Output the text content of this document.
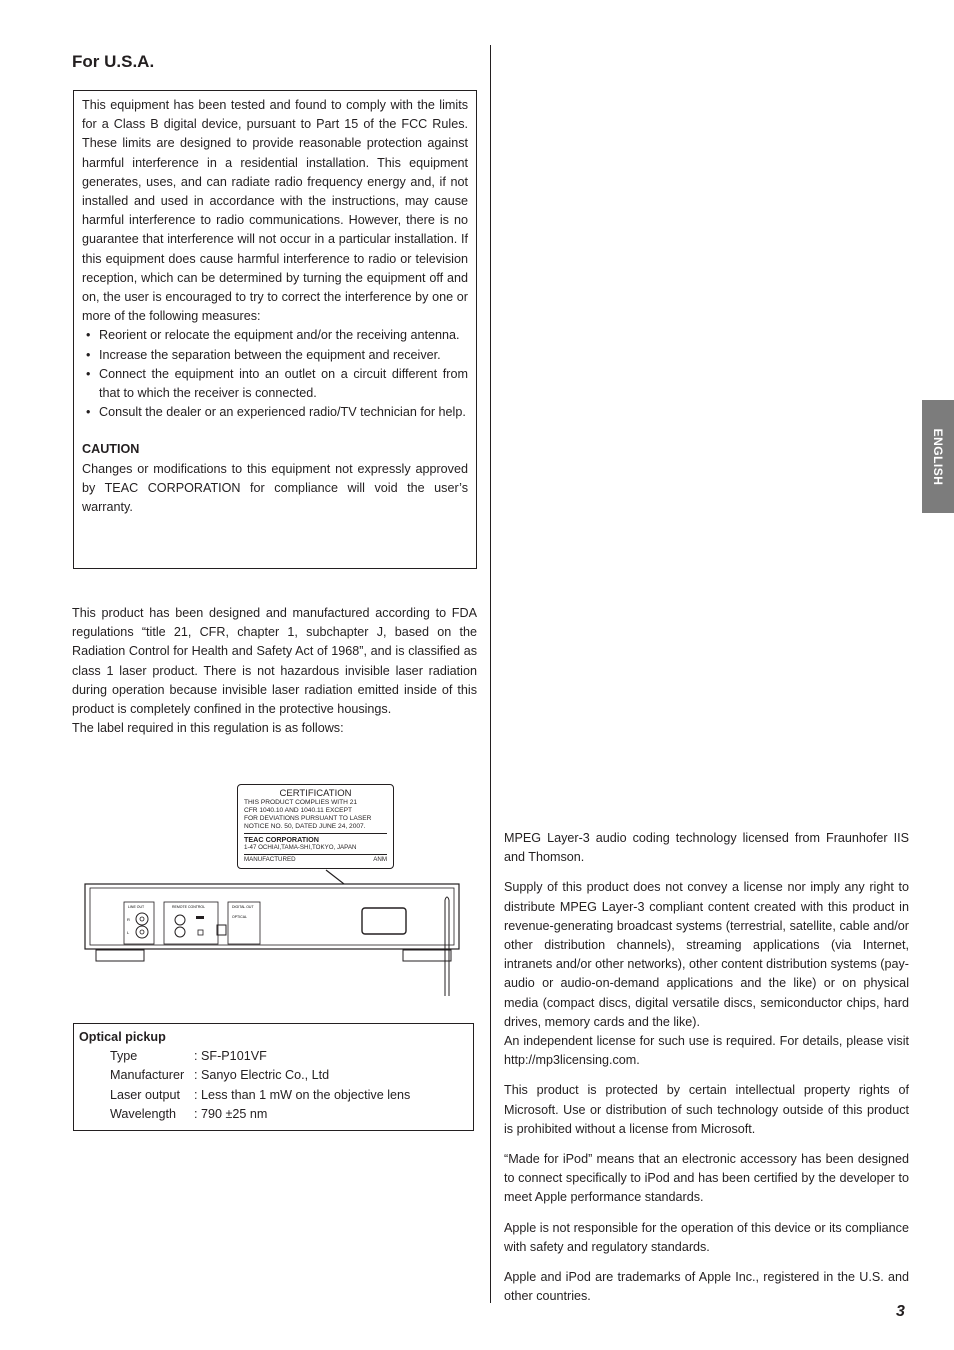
For U.S.A.

This equipment has been tested and found to comply with the limits for a Class B digital device, pursuant to Part 15 of the FCC Rules. These limits are designed to provide reasonable protection against harmful interference in a residential installation. This equipment generates, uses, and can radiate radio frequency energy and, if not installed and used in accordance with the instructions, may cause harmful interference to radio communications. However, there is no guarantee that interference will not occur in a particular installation. If this equipment does cause harmful interference to radio or television reception, which can be determined by turning the equipment off and on, the user is encouraged to try to correct the interference by one or more of the following measures:

• Reorient or relocate the equipment and/or the receiving antenna.
• Increase the separation between the equipment and receiver.
• Connect the equipment into an outlet on a circuit different from that to which the receiver is connected.
• Consult the dealer or an experienced radio/TV technician for help.

CAUTION

Changes or modifications to this equipment not expressly approved by TEAC CORPORATION for compliance will void the user’s warranty.

This product has been designed and manufactured according to FDA regulations “title 21, CFR, chapter 1, subchapter J, based on the Radiation Control for Health and Safety Act of 1968”, and is classified as class 1 laser product. There is not hazardous invisible laser radiation during operation because invisible laser radiation emitted inside of this product is completely confined in the protective housings.

The label required in this regulation is as follows:

CERTIFICATION
THIS PRODUCT COMPLIES WITH 21
CFR 1040.10 AND 1040.11 EXCEPT
FOR DEVIATIONS PURSUANT TO LASER
NOTICE NO. 50, DATED JUNE 24, 2007.
TEAC CORPORATION
1-47 OCHIAI,TAMA-SHI,TOKYO, JAPAN
MANUFACTURED	ANM
LINE OUT
R
L
REMOTE CONTROL	DIGITAL OUT
OPTICAL
Optical pickup
Type	: SF-P101VF
Manufacturer : Sanyo Electric Co., Ltd
Laser output	: Less than 1 mW on the objective lens
Wavelength	: 790 ±25 nm

MPEG Layer-3 audio coding technology licensed from Fraunhofer IIS and Thomson.

Supply of this product does not convey a license nor imply any right to distribute MPEG Layer-3 compliant content created with this product in revenue-generating broadcast systems (terrestrial, satellite, cable and/or other distribution channels), streaming applications (via Internet, intranets and/or other networks), other content distribution systems (pay-audio or audio-on-demand applications and the like) or on physical media (compact discs, digital versatile discs, semiconductor chips, hard drives, memory cards and the like).

An independent license for such use is required. For details, please visit http://mp3licensing.com.

This product is protected by certain intellectual property rights of Microsoft. Use or distribution of such technology outside of this product is prohibited without a license from Microsoft.

“Made for iPod” means that an electronic accessory has been designed to connect specifically to iPod and has been certified by the developer to meet Apple performance standards.

Apple is not responsible for the operation of this device or its compliance with safety and regulatory standards.

Apple and iPod are trademarks of Apple Inc., registered in the U.S. and other countries.

ENGLISH
3
